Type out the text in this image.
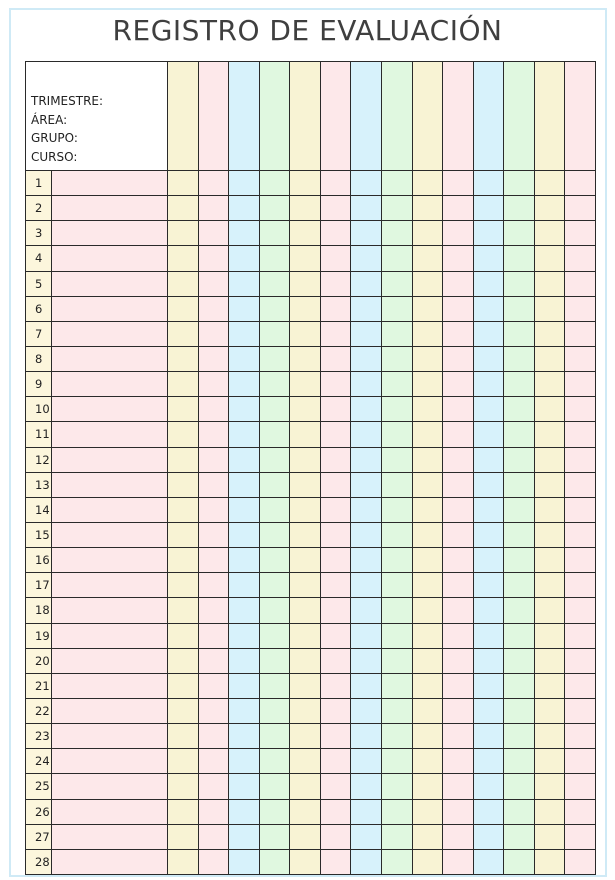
REGISTRO DE EVALUACIÓN
TRIMESTRE:
ÁREA:
GRUPO:
CURSO:															

1															
2															
3															
4															
5															
6															
7															
8															
9															
10															
11															
12															
13															
14															
15															
16															
17															
18															
19															
20															
21															
22															
23															
24															
25															
26															
27															
28															
